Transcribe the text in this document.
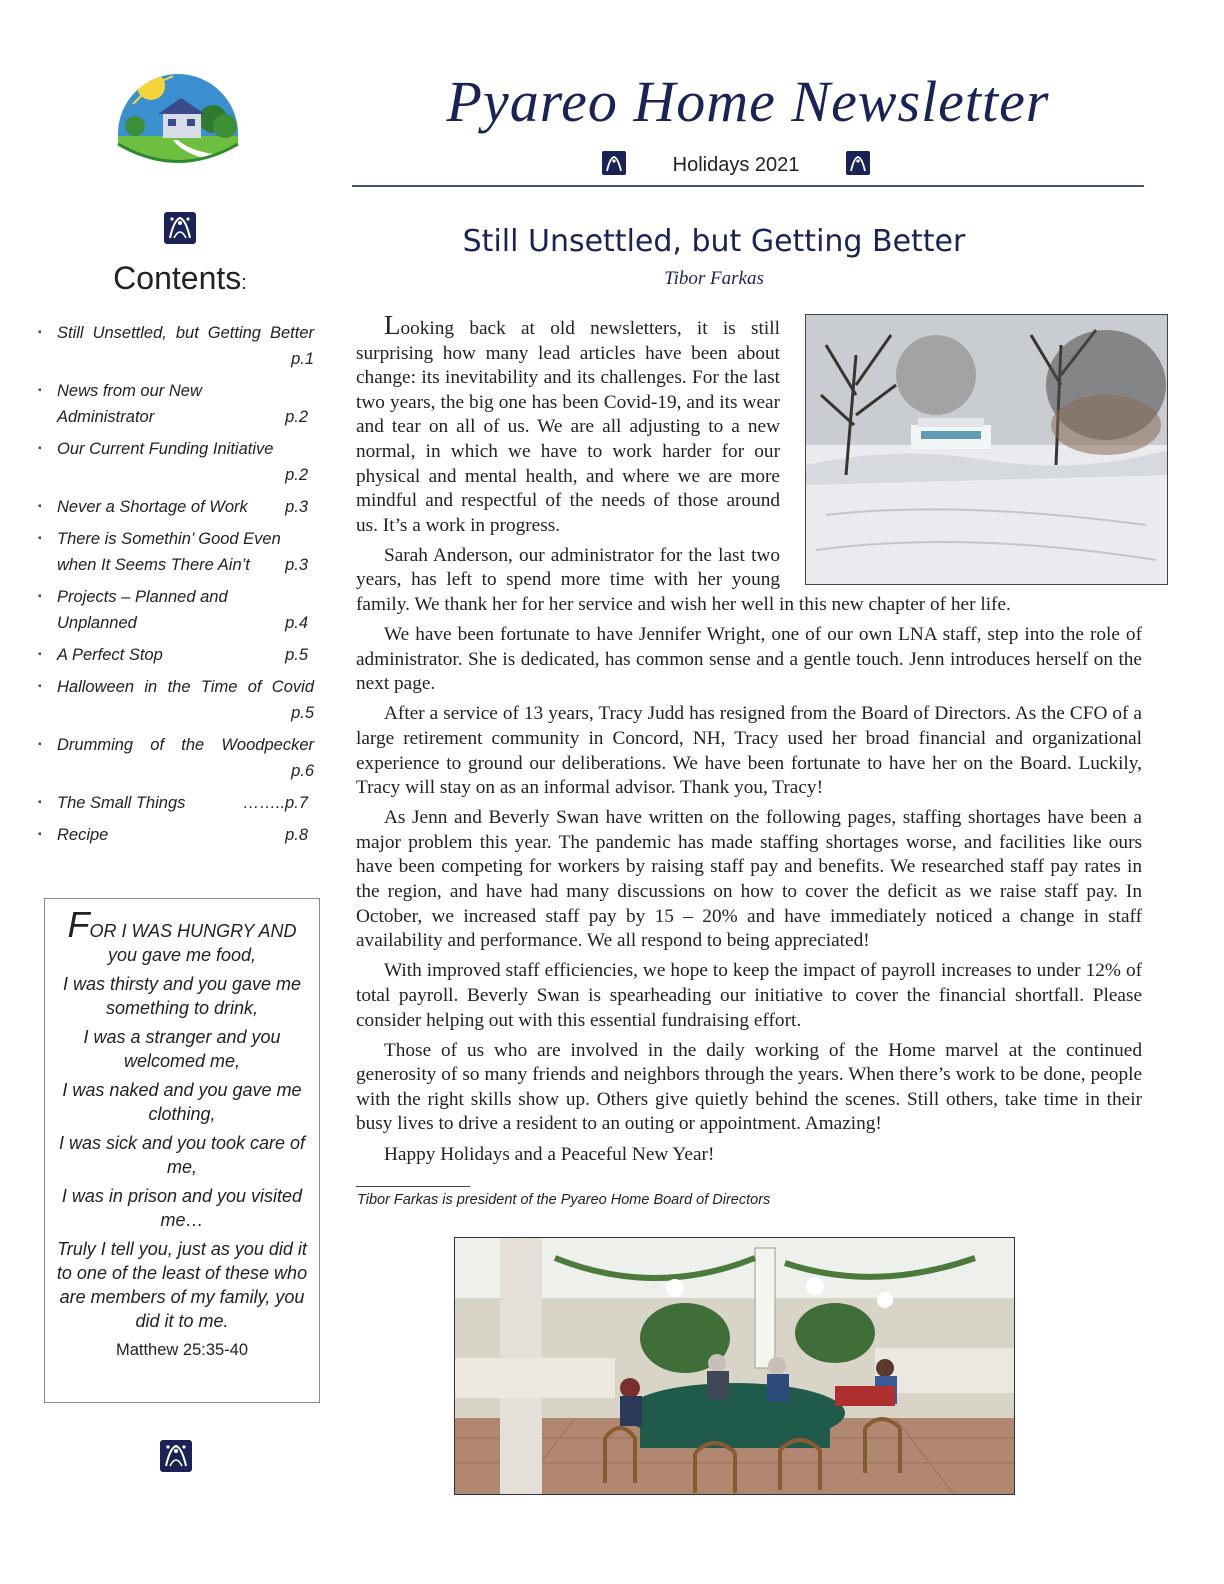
Contents:
▪ Still Unsettled, but Getting Better
p.1
▪ News from our New
Administrator	p.2
▪ Our Current Funding Initiative
p.2
▪ Never a Shortage of Work p.3
▪ There is Somethin’ Good Even
when It Seems There Ain’t p.3
▪ Projects – Planned and
Unplanned	p.4
▪ A Perfect Stop	p.5
▪ Halloween in the Time of Covid
p.5
▪ Drumming of the Woodpecker
p.6
▪ The Small Things	……..p.7
▪ Recipe	p.8
FOR I WAS HUNGRY AND
you gave me food,
I was thirsty and you gave me something to drink,
I was a stranger and you welcomed me,
I was naked and you gave me clothing,
I was sick and you took care of me,
I was in prison and you visited me…
Truly I tell you, just as you did it to one of the least of these who are members of my family, you did it to me.
Matthew 25:35-40
Pyareo Home Newsletter
Holidays 2021
Still Unsettled, but Getting Better
Tibor Farkas

Looking back at old newsletters, it is still surprising how many lead articles have been about change: its inevitability and its challenges. For the last two years, the big one has been Covid-19, and its wear and tear on all of us. We are all adjusting to a new normal, in which we have to work harder for our physical and mental health, and where we are more mindful and respectful of the needs of those around us. It’s a work in progress.

Sarah Anderson, our administrator for the last two years, has left to spend more time with her young family. We thank her for her service and wish her well in this new chapter of her life.

We have been fortunate to have Jennifer Wright, one of our own LNA staff, step into the role of administrator. She is dedicated, has common sense and a gentle touch. Jenn introduces herself on the next page.

After a service of 13 years, Tracy Judd has resigned from the Board of Directors. As the CFO of a large retirement community in Concord, NH, Tracy used her broad financial and organizational experience to ground our deliberations. We have been fortunate to have her on the Board. Luckily, Tracy will stay on as an informal advisor. Thank you, Tracy!

As Jenn and Beverly Swan have written on the following pages, staffing shortages have been a major problem this year. The pandemic has made staffing shortages worse, and facilities like ours have been competing for workers by raising staff pay and benefits. We researched staff pay rates in the region, and have had many discussions on how to cover the deficit as we raise staff pay. In October, we increased staff pay by 15 – 20% and have immediately noticed a change in staff availability and performance. We all respond to being appreciated!

With improved staff efficiencies, we hope to keep the impact of payroll increases to under 12% of total payroll. Beverly Swan is spearheading our initiative to cover the financial shortfall. Please consider helping out with this essential fundraising effort.

Those of us who are involved in the daily working of the Home marvel at the continued generosity of so many friends and neighbors through the years. When there’s work to be done, people with the right skills show up. Others give quietly behind the scenes. Still others, take time in their busy lives to drive a resident to an outing or appointment. Amazing!

Happy Holidays and a Peaceful New Year!

Tibor Farkas is president of the Pyareo Home Board of Directors
